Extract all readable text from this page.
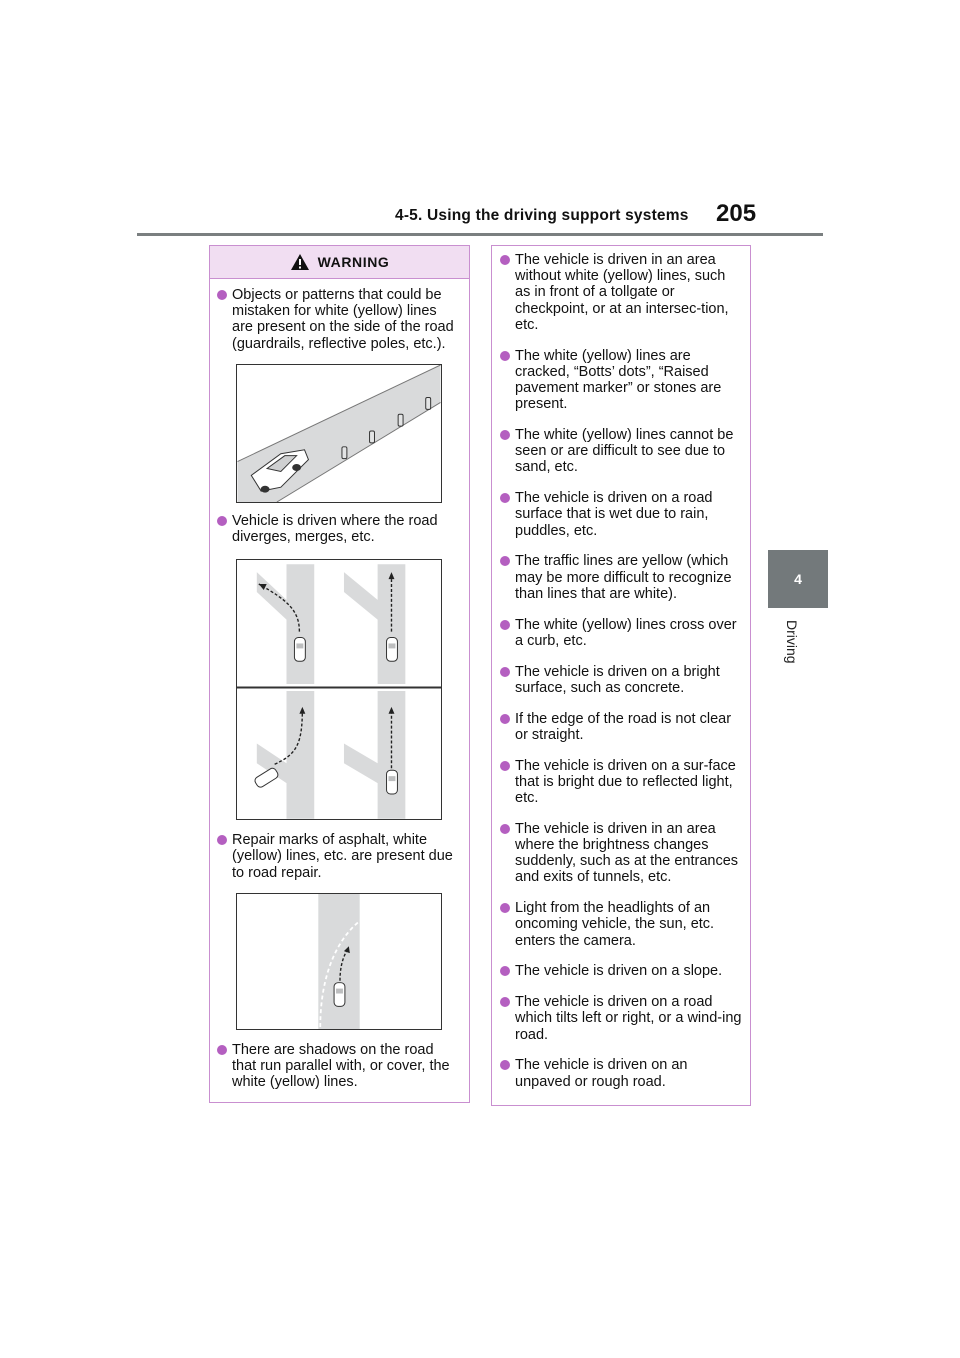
4-5. Using the driving support systems 205
4
Driving
WARNING
Objects or patterns that could be mistaken for white (yellow) lines are present on the side of the road (guardrails, reflective poles, etc.).
Vehicle is driven where the road diverges, merges, etc.
Repair marks of asphalt, white (yellow) lines, etc. are present due to road repair.
There are shadows on the road that run parallel with, or cover, the white (yellow) lines.
The vehicle is driven in an area without white (yellow) lines, such as in front of a tollgate or checkpoint, or at an intersec-tion, etc.
The white (yellow) lines are cracked, “Botts’ dots”, “Raised pavement marker” or stones are present.
The white (yellow) lines cannot be seen or are difficult to see due to sand, etc.
The vehicle is driven on a road surface that is wet due to rain, puddles, etc.
The traffic lines are yellow (which may be more difficult to recognize than lines that are white).
The white (yellow) lines cross over a curb, etc.
The vehicle is driven on a bright surface, such as concrete.
If the edge of the road is not clear or straight.
The vehicle is driven on a sur-face that is bright due to reflected light, etc.
The vehicle is driven in an area where the brightness changes suddenly, such as at the entrances and exits of tunnels, etc.
Light from the headlights of an oncoming vehicle, the sun, etc. enters the camera.
The vehicle is driven on a slope.
The vehicle is driven on a road which tilts left or right, or a wind-ing road.
The vehicle is driven on an unpaved or rough road.
